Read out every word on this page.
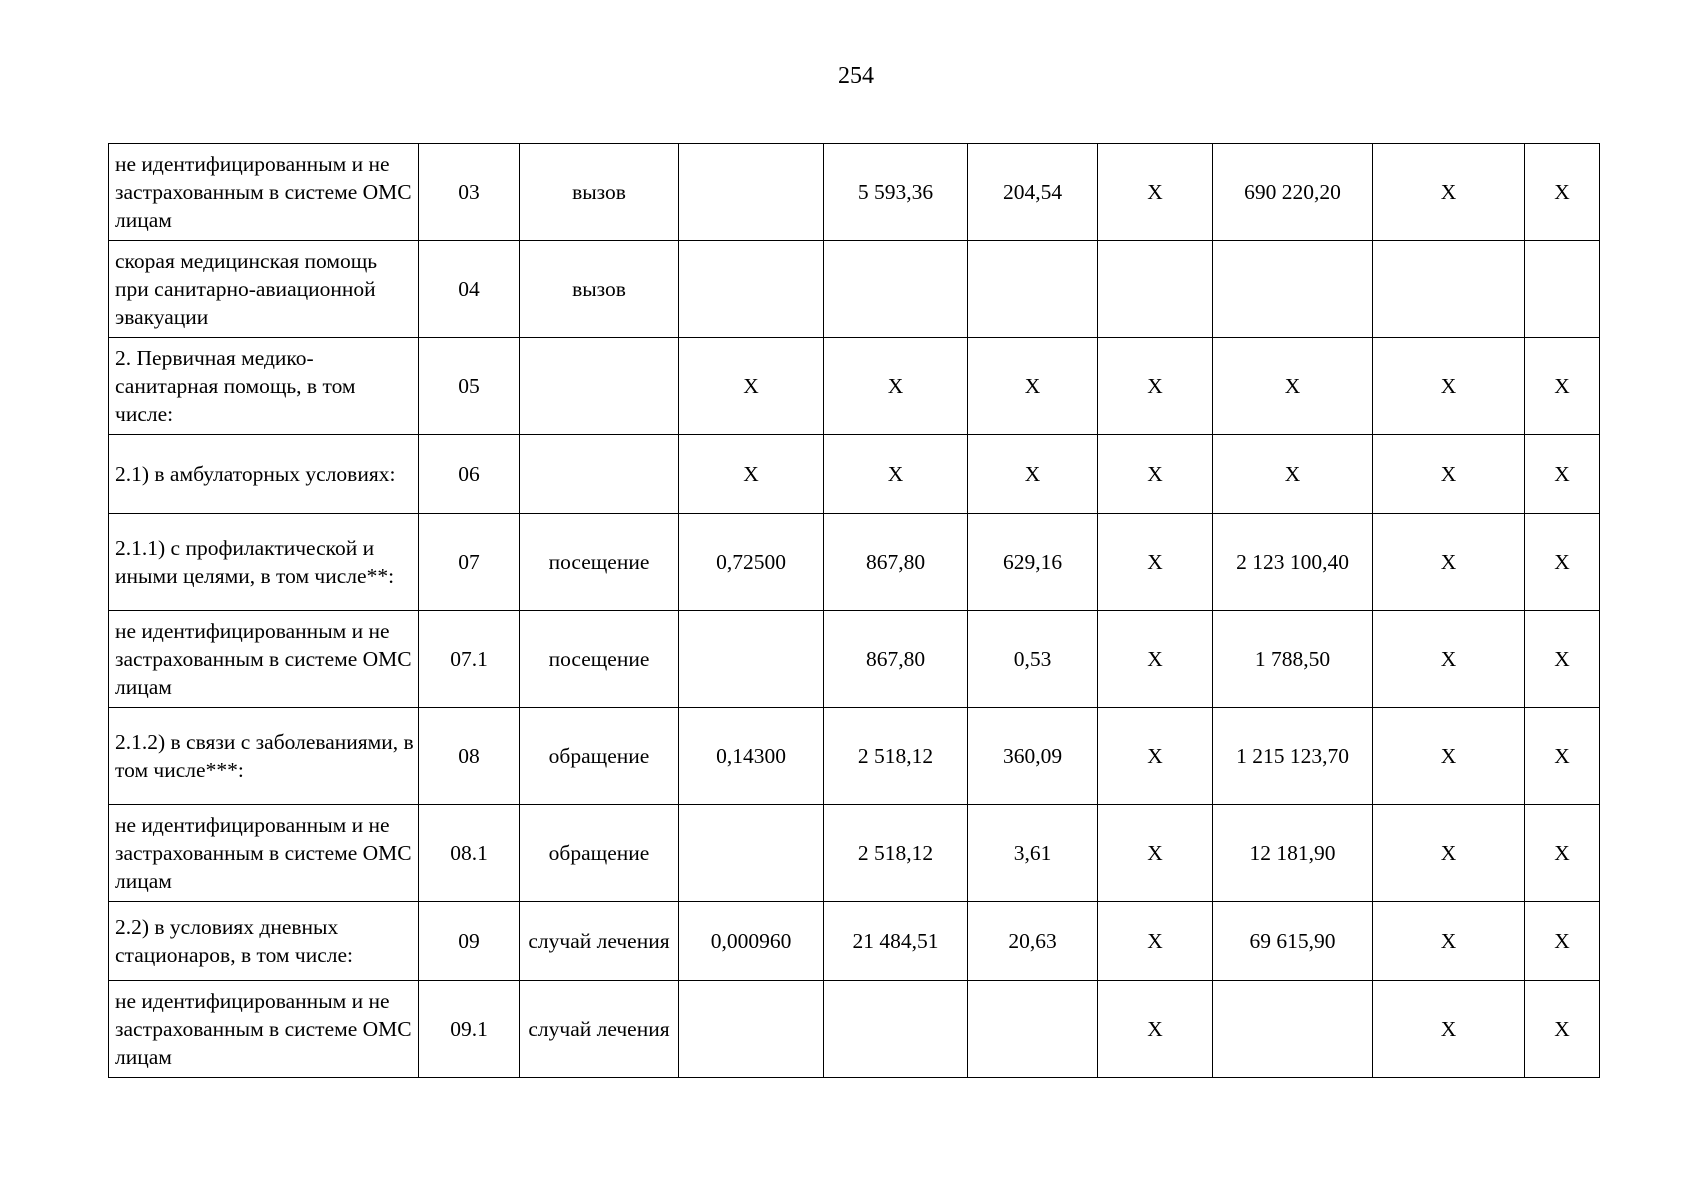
254
не идентифицированным и не застрахованным в системе ОМС лицам	03	вызов		5 593,36	204,54	X	690 220,20	X	X
скорая медицинская помощь при санитарно-авиационной эвакуации	04	вызов							
2. Первичная медико-санитарная помощь, в том числе:	05		X	X	X	X	X	X	X
2.1) в амбулаторных условиях:	06		X	X	X	X	X	X	X
2.1.1) с профилактической и иными целями, в том числе**:	07	посещение	0,72500	867,80	629,16	X	2 123 100,40	X	X
не идентифицированным и не застрахованным в системе ОМС лицам	07.1	посещение		867,80	0,53	X	1 788,50	X	X
2.1.2) в связи с заболеваниями, в том числе***:	08	обращение	0,14300	2 518,12	360,09	X	1 215 123,70	X	X
не идентифицированным и не застрахованным в системе ОМС лицам	08.1	обращение		2 518,12	3,61	X	12 181,90	X	X
2.2) в условиях дневных стационаров, в том числе:	09	случай лечения	0,000960	21 484,51	20,63	X	69 615,90	X	X
не идентифицированным и не застрахованным в системе ОМС лицам	09.1	случай лечения				X		X	X
